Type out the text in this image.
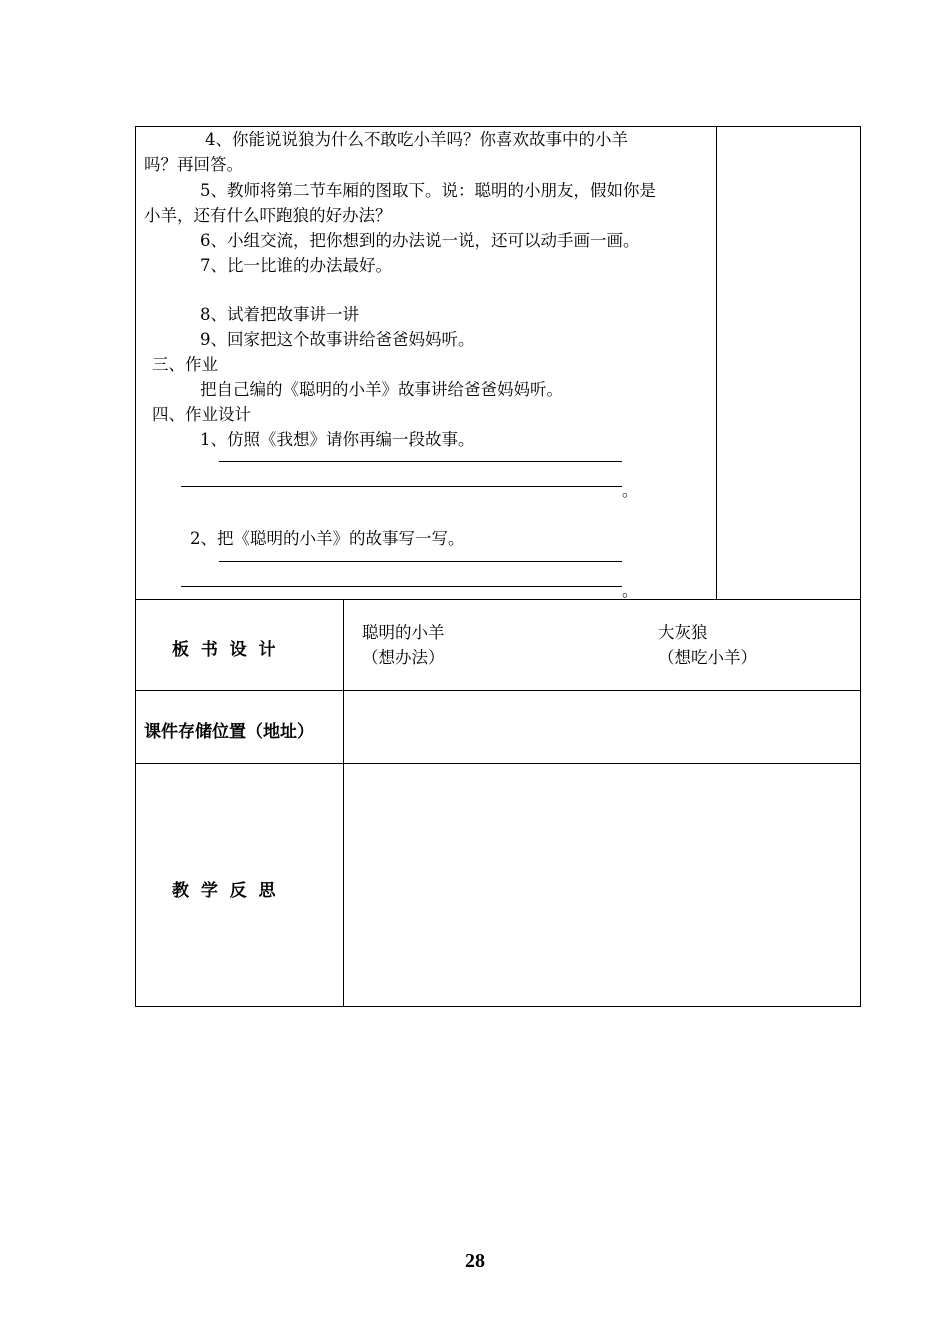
4、你能说说狼为什么不敢吃小羊吗？你喜欢故事中的小羊
吗？再回答。
5、教师将第二节车厢的图取下。说：聪明的小朋友，假如你是
小羊，还有什么吓跑狼的好办法？
6、小组交流，把你想到的办法说一说，还可以动手画一画。
7、比一比谁的办法最好。
8、试着把故事讲一讲
9、回家把这个故事讲给爸爸妈妈听。
三、作业
把自己编的《聪明的小羊》故事讲给爸爸妈妈听。
四、作业设计
1、仿照《我想》请你再编一段故事。
。
2、把《聪明的小羊》的故事写一写。
。
板  书  设  计
聪明的小羊
（想办法）
大灰狼
（想吃小羊）
课件存储位置（地址）
教  学  反  思
28
